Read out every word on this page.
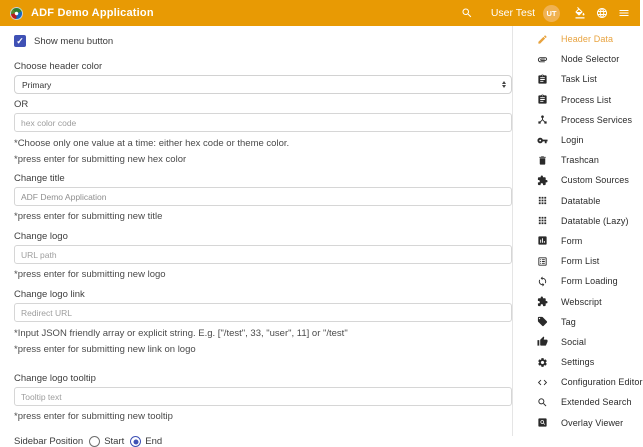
ADF Demo Application	User Test	UT
✓ Show menu button
Choose header color
Primary
OR
hex color code
*Choose only one value at a time: either hex code or theme color.
*press enter for submitting new hex color
Change title
ADF Demo Application
*press enter for submitting new title
Change logo
URL path
*press enter for submitting new logo
Change logo link
Redirect URL
*Input JSON friendly array or explicit string. E.g. ["/test", 33, "user", 11] or "/test"
*press enter for submitting new link on logo
Change logo tooltip
Tooltip text
*press enter for submitting new tooltip
Sidebar Position Start End
Header Data
Node Selector
Task List
Process List
Process Services
Login
Trashcan
Custom Sources
Datatable
Datatable (Lazy)
Form
Form List
Form Loading
Webscript
Tag
Social
Settings
Configuration Editor
Extended Search
Overlay Viewer
